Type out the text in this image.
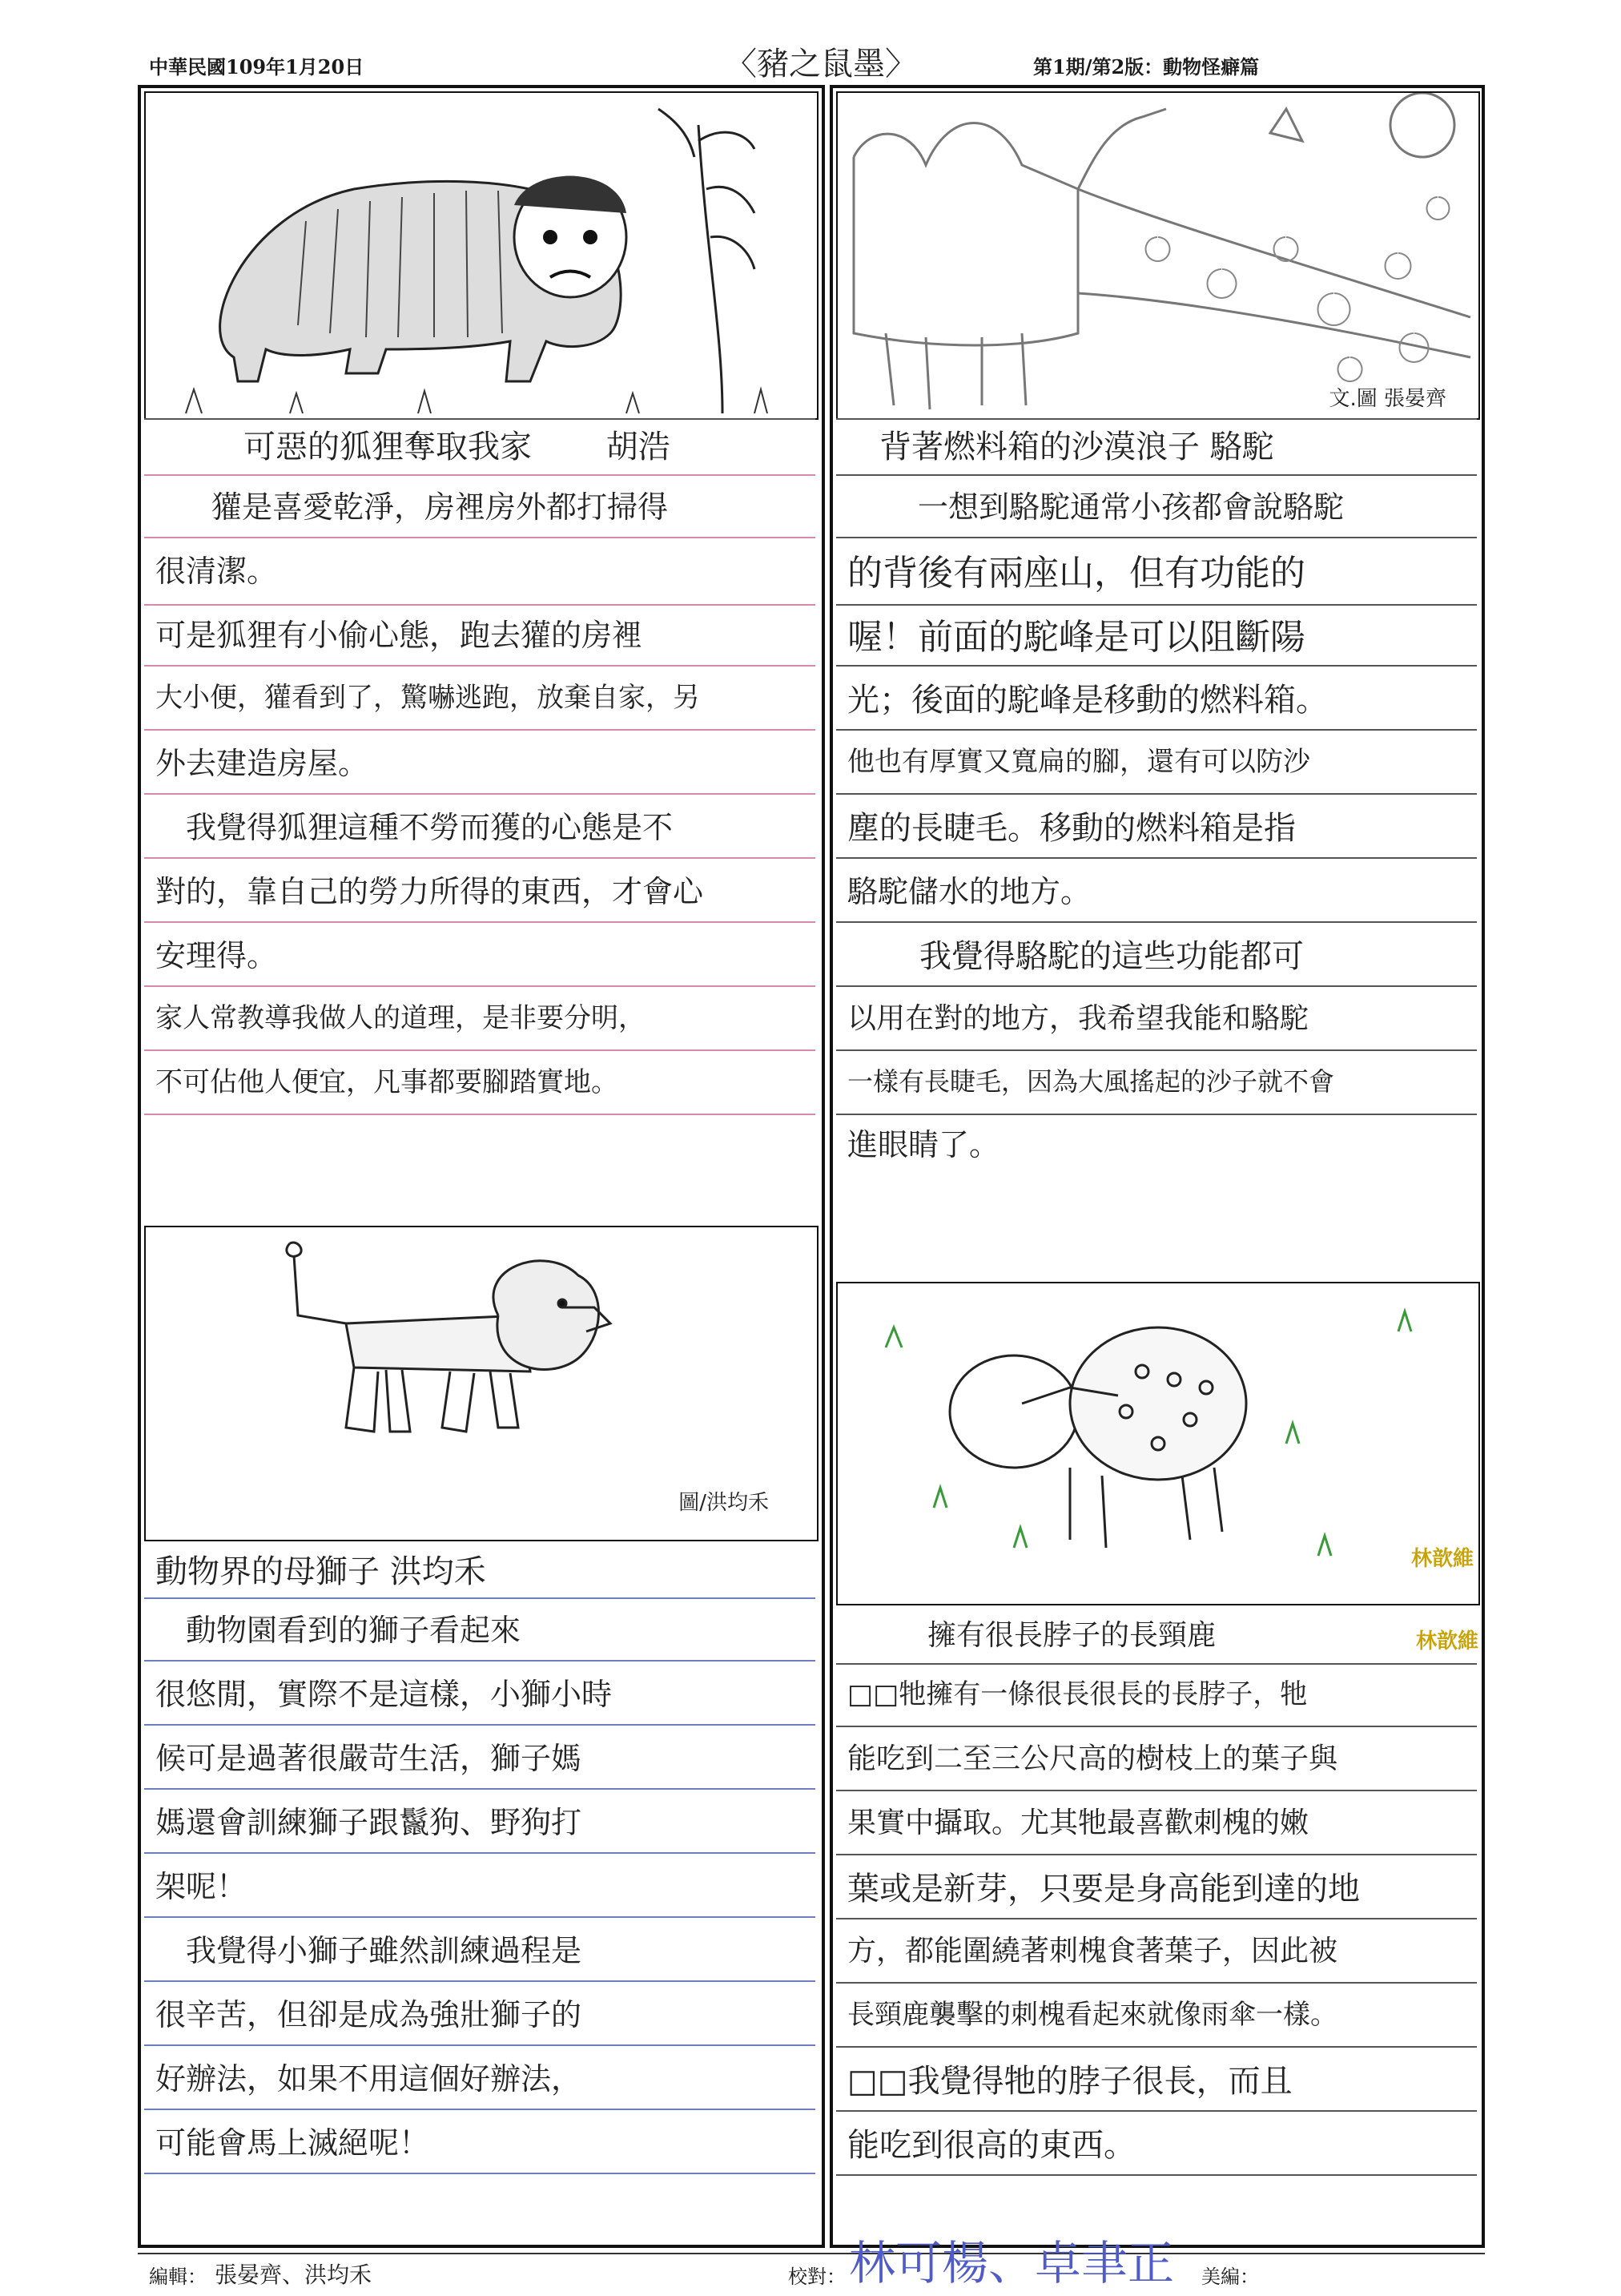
中華民國109年1月20日	〈豬之鼠墨〉	第1期/第2版：動物怪癖篇
可惡的狐狸奪取我家 胡浩
獾是喜愛乾淨，房裡房外都打掃得
很清潔。
可是狐狸有小偷心態，跑去獾的房裡
大小便，獾看到了，驚嚇逃跑，放棄自家，另
外去建造房屋。
　我覺得狐狸這種不勞而獲的心態是不
對的，靠自己的勞力所得的東西，才會心
安理得。
家人常教導我做人的道理，是非要分明，
不可佔他人便宜，凡事都要腳踏實地。
圖/洪均禾
動物界的母獅子 洪均禾
　動物園看到的獅子看起來
很悠閒，實際不是這樣，小獅小時
候可是過著很嚴苛生活，獅子媽
媽還會訓練獅子跟鬣狗、野狗打
架呢！
　我覺得小獅子雖然訓練過程是
很辛苦，但卻是成為強壯獅子的
好辦法，如果不用這個好辦法，
可能會馬上滅絕呢！
文.圖 張晏齊
背著燃料箱的沙漠浪子 駱駝
　一想到駱駝通常小孩都會說駱駝
的背後有兩座山，但有功能的
喔！前面的駝峰是可以阻斷陽
光；後面的駝峰是移動的燃料箱。
他也有厚實又寬扁的腳，還有可以防沙
塵的長睫毛。移動的燃料箱是指
駱駝儲水的地方。
　我覺得駱駝的這些功能都可
以用在對的地方，我希望我能和駱駝
一樣有長睫毛，因為大風搖起的沙子就不會
進眼睛了。
林歆維
擁有很長脖子的長頸鹿	林歆維
□□牠擁有一條很長很長的長脖子，牠
能吃到二至三公尺高的樹枝上的葉子與
果實中攝取。尤其牠最喜歡刺槐的嫩
葉或是新芽，只要是身高能到達的地
方，都能圍繞著刺槐食著葉子，因此被
長頸鹿襲擊的刺槐看起來就像雨傘一樣。
□□我覺得牠的脖子很長，而且
能吃到很高的東西。
編輯： 張晏齊、洪均禾	校對： 林可楊、卓聿正 美編：
